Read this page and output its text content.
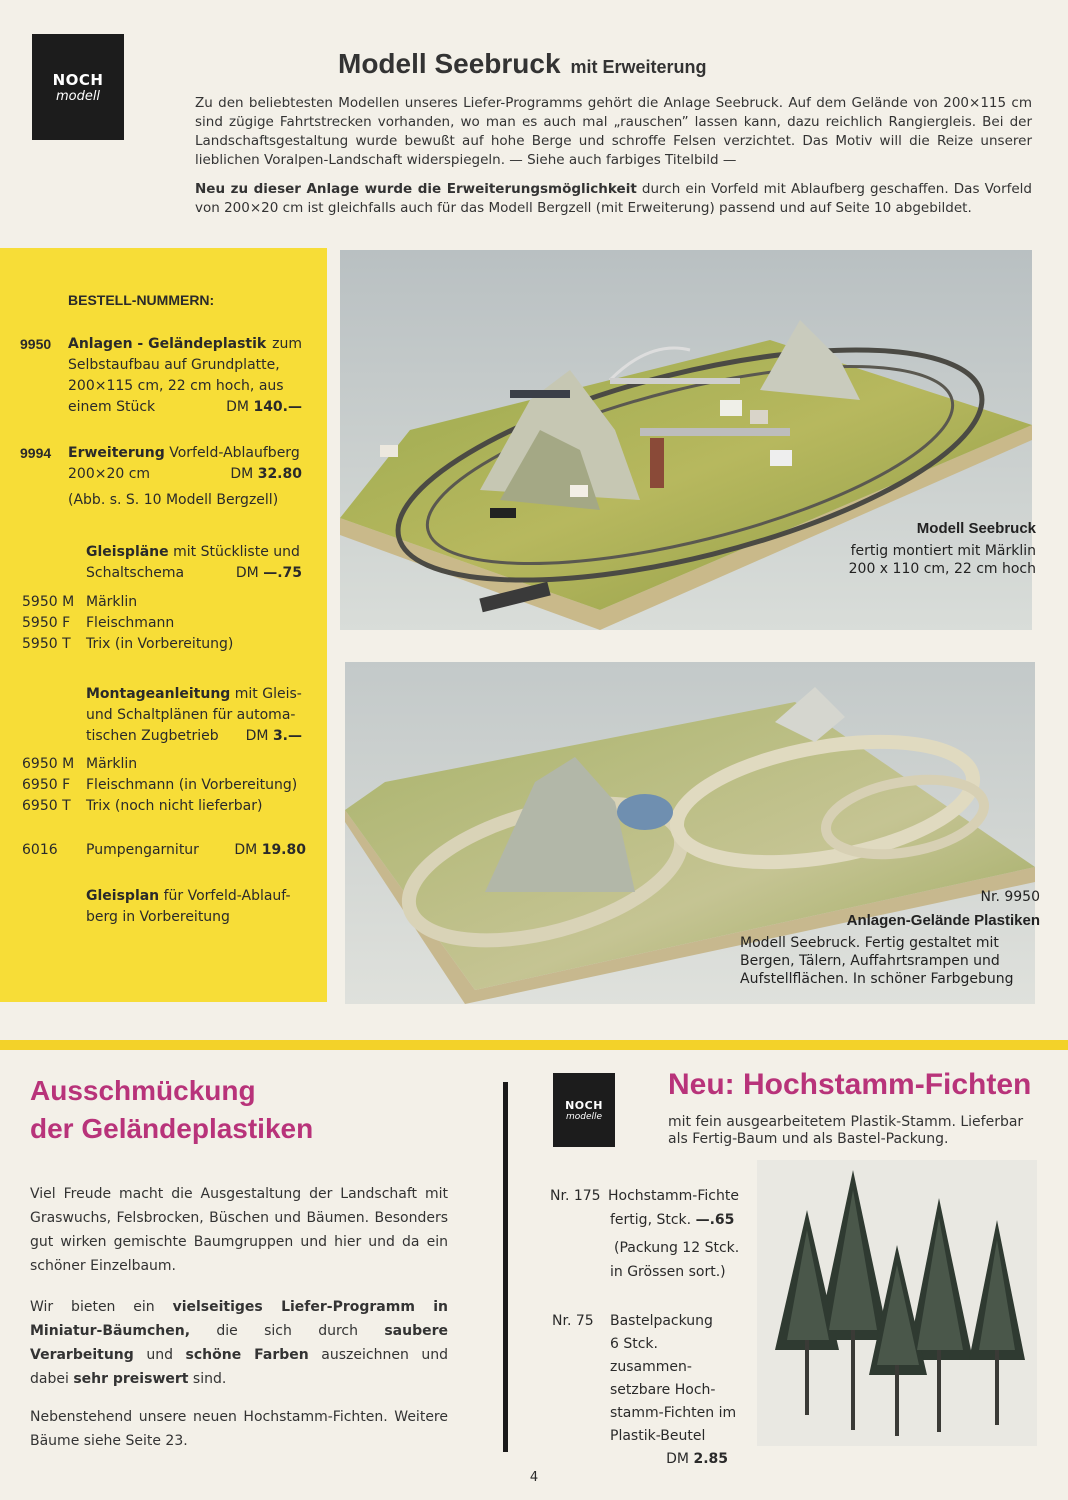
NOCH
modell
Modell Seebruck mit Erweiterung
Zu den beliebtesten Modellen unseres Liefer-Programms gehört die Anlage Seebruck. Auf dem Gelände von 200×115 cm sind zügige Fahrtstrecken vorhanden, wo man es auch mal „rauschen” lassen kann, dazu reichlich Rangiergleis. Bei der Landschaftsgestaltung wurde bewußt auf hohe Berge und schroffe Felsen verzichtet. Das Motiv will die Reize unserer lieblichen Voralpen-Landschaft widerspiegeln. — Siehe auch farbiges Titelbild —
Neu zu dieser Anlage wurde die Erweiterungsmöglichkeit durch ein Vorfeld mit Ablaufberg geschaffen. Das Vorfeld von 200×20 cm ist gleichfalls auch für das Modell Bergzell (mit Erweiterung) passend und auf Seite 10 abgebildet.
BESTELL-NUMMERN:
9950 Anlagen - Geländeplastik zum
Selbstaufbau auf Grundplatte,
200×115 cm, 22 cm hoch, aus
einem Stück	DM 140.—
9994 Erweiterung Vorfeld-Ablaufberg
200×20 cm	DM 32.80
(Abb. s. S. 10 Modell Bergzell)
Gleispläne mit Stückliste und
Schaltschema	DM —.75
5950 M Märklin
5950 F	Fleischmann
5950 T	Trix (in Vorbereitung)
Montageanleitung mit Gleis-
und Schaltplänen für automa-
tischen Zugbetrieb DM 3.—
6950 M Märklin
6950 F	Fleischmann (in Vorbereitung)
6950 T	Trix (noch nicht lieferbar)
6016	Pumpengarnitur	DM 19.80
Gleisplan für Vorfeld-Ablauf-
berg in Vorbereitung
Modell Seebruck
fertig montiert mit Märklin
200 x 110 cm, 22 cm hoch
Nr. 9950
Anlagen-Gelände Plastiken
Modell Seebruck. Fertig gestaltet mit
Bergen, Tälern, Auffahrtsrampen und
Aufstellflächen. In schöner Farbgebung
Ausschmückung
der Geländeplastiken
Viel Freude macht die Ausgestaltung der Landschaft mit Graswuchs, Felsbrocken, Büschen und Bäumen. Besonders gut wirken gemischte Baumgruppen und hier und da ein schöner Einzelbaum.
Wir bieten ein vielseitiges Liefer-Programm in Miniatur-Bäumchen, die sich durch saubere Verarbeitung und schöne Farben auszeichnen und dabei sehr preiswert sind.
Nebenstehend unsere neuen Hochstamm-Fichten. Weitere Bäume siehe Seite 23.
NOCH
modelle
Neu: Hochstamm-Fichten
mit fein ausgearbeitetem Plastik-Stamm. Lieferbar
als Fertig-Baum und als Bastel-Packung.
Nr. 175 Hochstamm-Fichte
fertig, Stck. —.65
(Packung 12 Stck.
in Grössen sort.)
Nr. 75	Bastelpackung
6 Stck. zusammen-
setzbare Hoch-
stamm-Fichten im
Plastik-Beutel
DM 2.85
4
